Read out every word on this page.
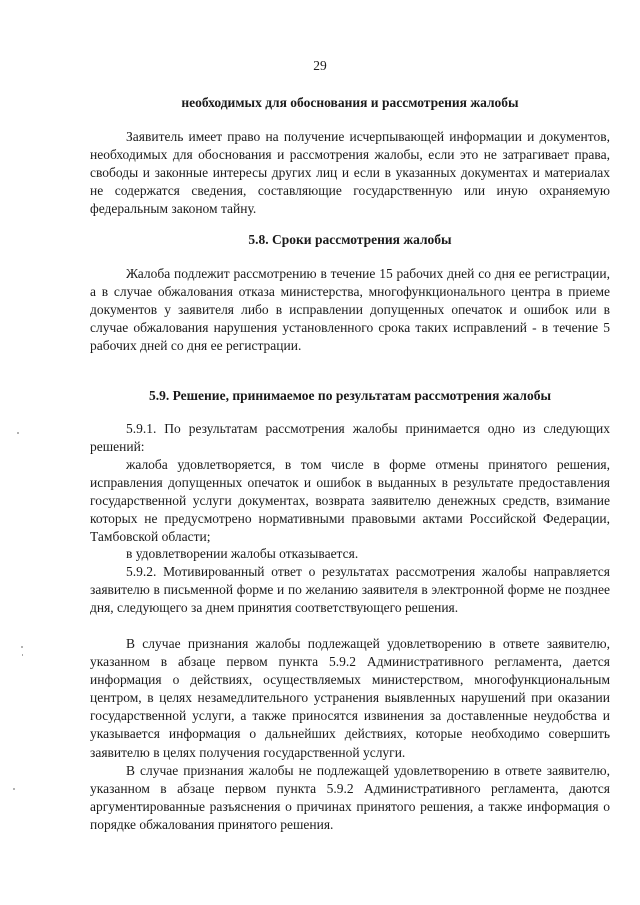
29
необходимых для обоснования и рассмотрения жалобы

Заявитель имеет право на получение исчерпывающей информации и документов, необходимых для обоснования и рассмотрения жалобы, если это не затрагивает права, свободы и законные интересы других лиц и если в указанных документах и материалах не содержатся сведения, составляющие государственную или иную охраняемую федеральным законом тайну.

5.8. Сроки рассмотрения жалобы

Жалоба подлежит рассмотрению в течение 15 рабочих дней со дня ее регистрации, а в случае обжалования отказа министерства, многофункционального центра в приеме документов у заявителя либо в исправлении допущенных опечаток и ошибок или в случае обжалования нарушения установленного срока таких исправлений - в течение 5 рабочих дней со дня ее регистрации.

5.9. Решение, принимаемое по результатам рассмотрения жалобы

5.9.1. По результатам рассмотрения жалобы принимается одно из следующих решений:

жалоба удовлетворяется, в том числе в форме отмены принятого решения, исправления допущенных опечаток и ошибок в выданных в результате предоставления государственной услуги документах, возврата заявителю денежных средств, взимание которых не предусмотрено нормативными правовыми актами Российской Федерации, Тамбовской области;

в удовлетворении жалобы отказывается.

5.9.2. Мотивированный ответ о результатах рассмотрения жалобы направляется заявителю в письменной форме и по желанию заявителя в электронной форме не позднее дня, следующего за днем принятия соответствующего решения.

В случае признания жалобы подлежащей удовлетворению в ответе заявителю, указанном в абзаце первом пункта 5.9.2 Административного регламента, дается информация о действиях, осуществляемых министерством, многофункциональным центром, в целях незамедлительного устранения выявленных нарушений при оказании государственной услуги, а также приносятся извинения за доставленные неудобства и указывается информация о дальнейших действиях, которые необходимо совершить заявителю в целях получения государственной услуги.

В случае признания жалобы не подлежащей удовлетворению в ответе заявителю, указанном в абзаце первом пункта 5.9.2 Административного регламента, даются аргументированные разъяснения о причинах принятого решения, а также информация о порядке обжалования принятого решения.
